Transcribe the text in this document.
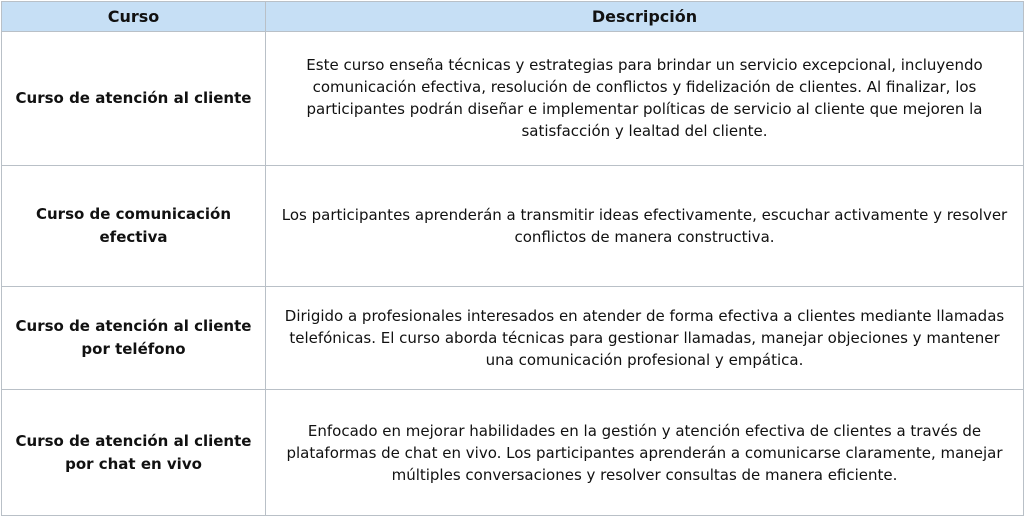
Curso	Descripción
Curso de atención al cliente	Este curso enseña técnicas y estrategias para brindar un servicio excepcional, incluyendo comunicación efectiva, resolución de conflictos y fidelización de clientes. Al finalizar, los participantes podrán diseñar e implementar políticas de servicio al cliente que mejoren la satisfacción y lealtad del cliente.
Curso de comunicación efectiva	Los participantes aprenderán a transmitir ideas efectivamente, escuchar activamente y resolver conflictos de manera constructiva.
Curso de atención al cliente por teléfono	Dirigido a profesionales interesados en atender de forma efectiva a clientes mediante llamadas telefónicas. El curso aborda técnicas para gestionar llamadas, manejar objeciones y mantener una comunicación profesional y empática.
Curso de atención al cliente por chat en vivo	Enfocado en mejorar habilidades en la gestión y atención efectiva de clientes a través de plataformas de chat en vivo. Los participantes aprenderán a comunicarse claramente, manejar múltiples conversaciones y resolver consultas de manera eficiente.
